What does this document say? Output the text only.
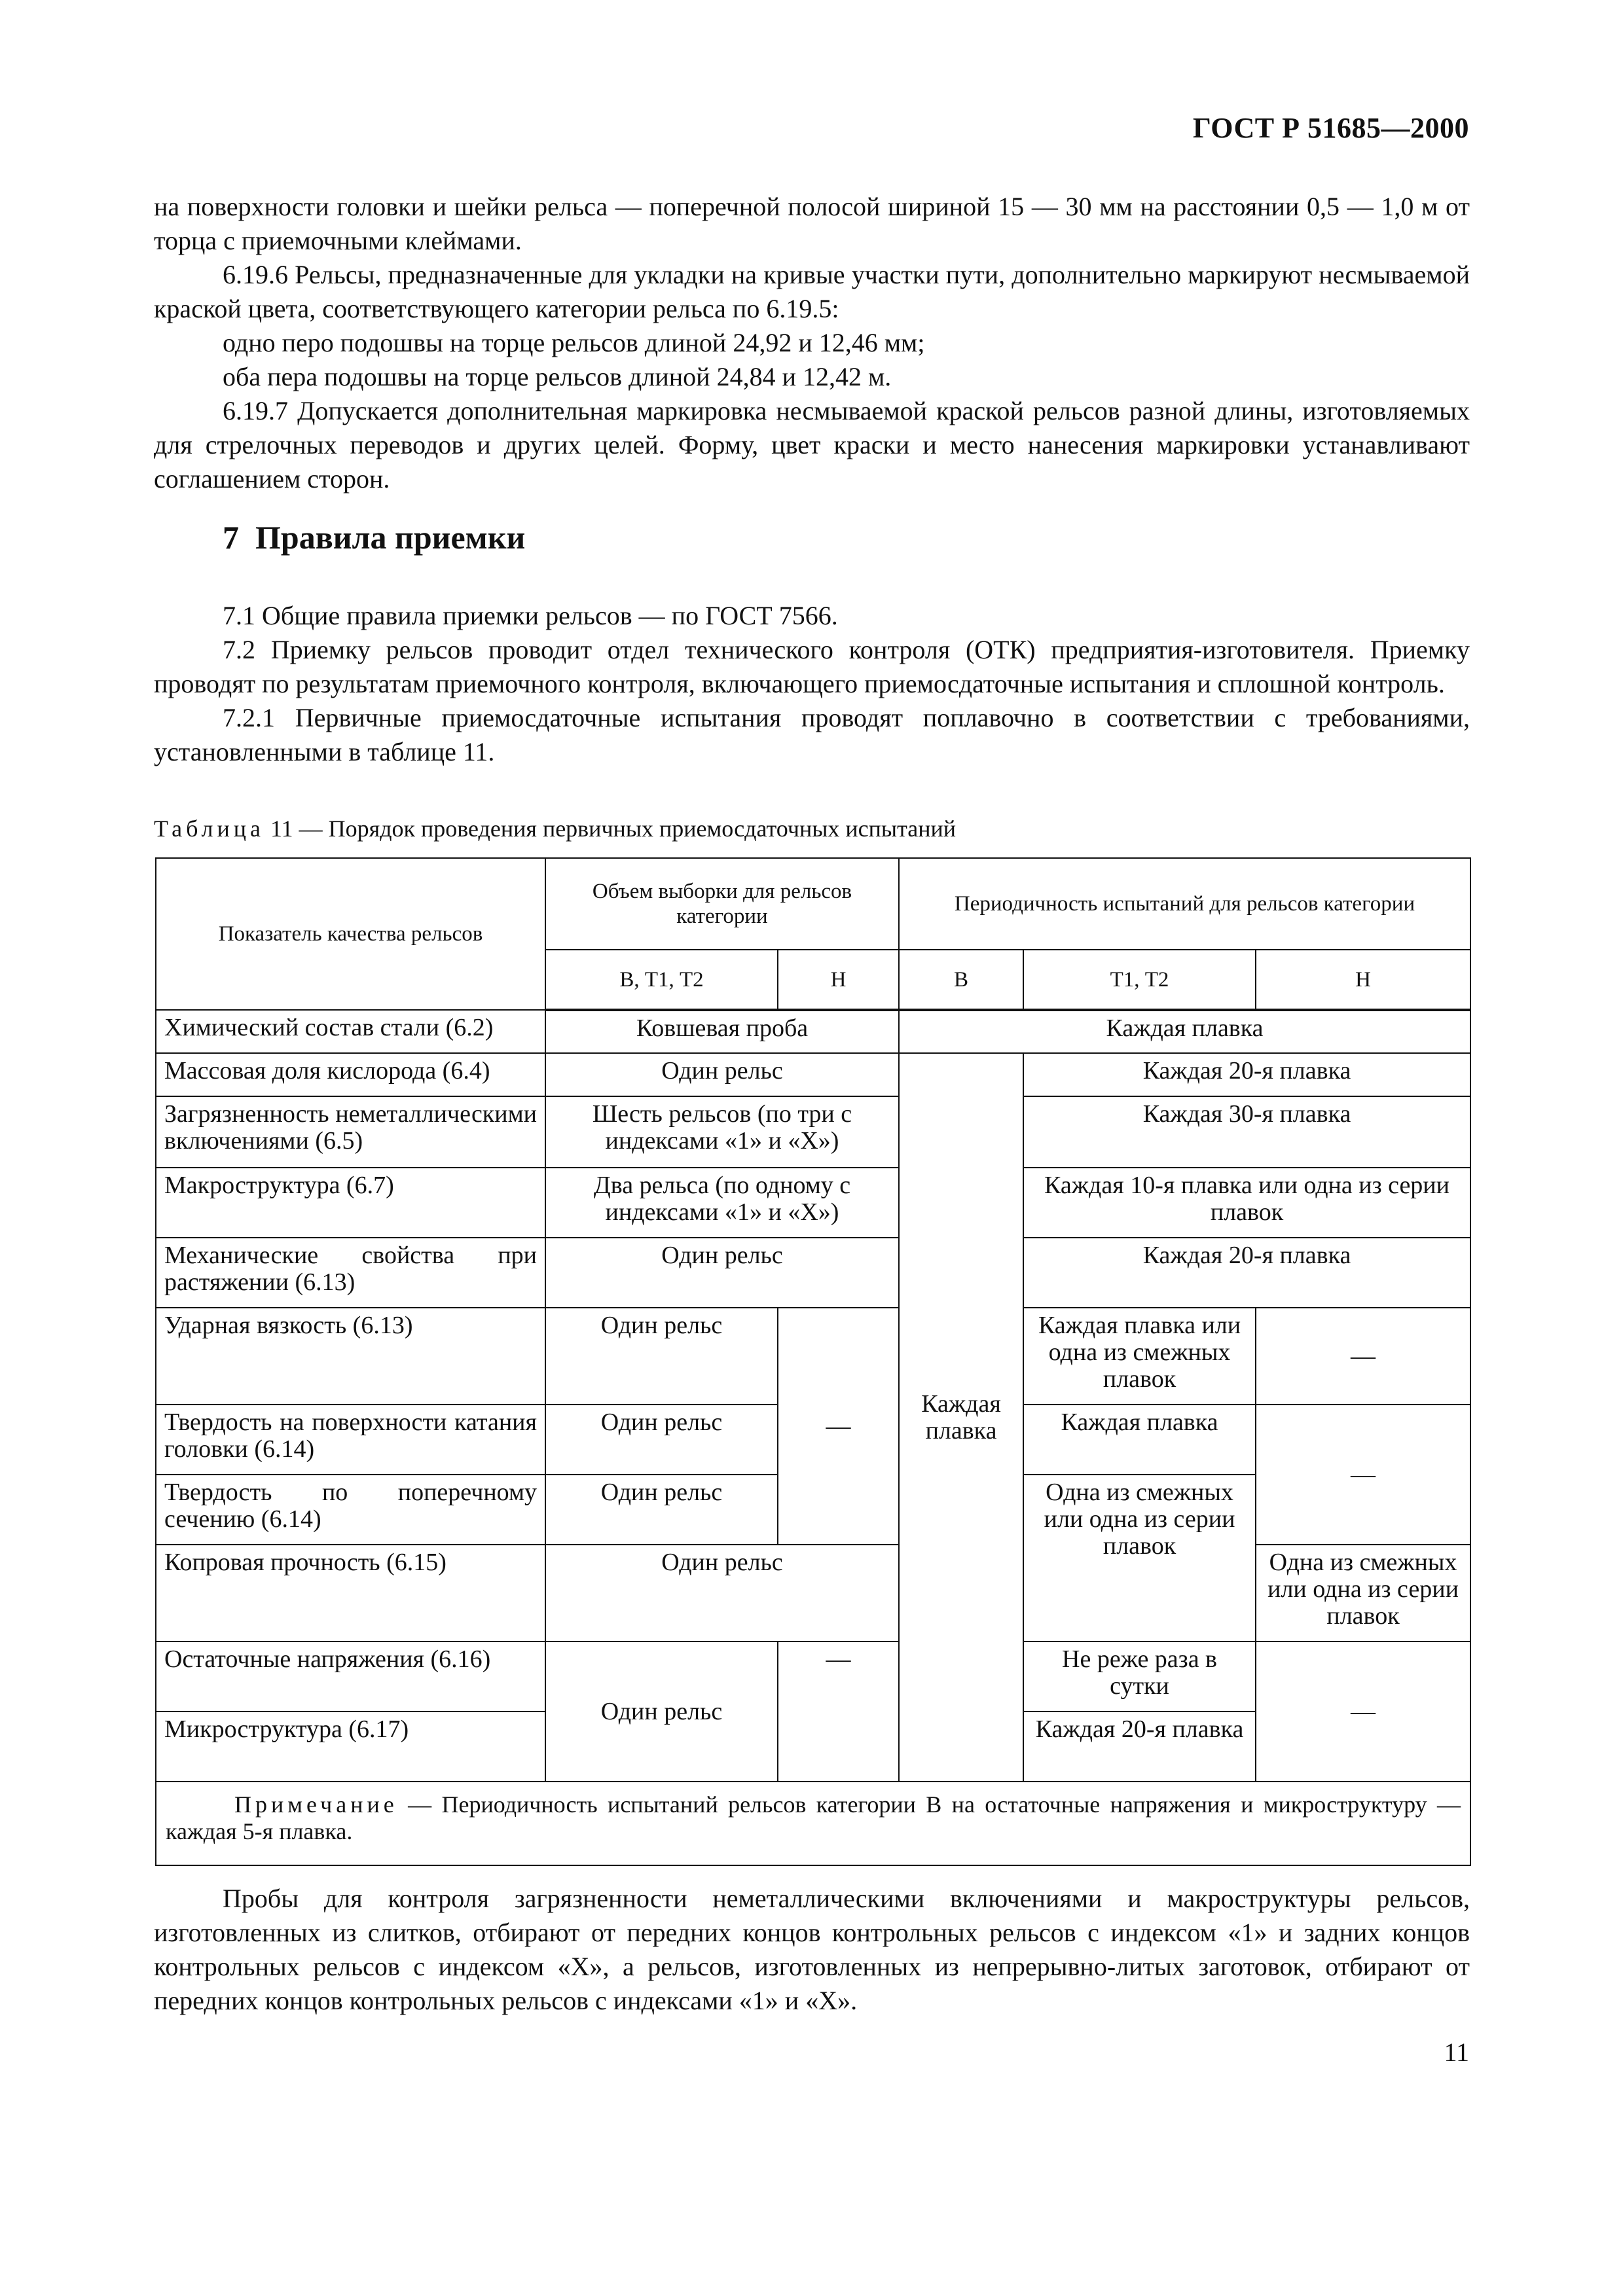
ГОСТ Р 51685—2000

на поверхности головки и шейки рельса — поперечной полосой шириной 15 — 30 мм на расстоянии 0,5 — 1,0 м от торца с приемочными клеймами.

6.19.6 Рельсы, предназначенные для укладки на кривые участки пути, дополнительно маркируют несмываемой краской цвета, соответствующего категории рельса по 6.19.5:

одно перо подошвы на торце рельсов длиной 24,92 и 12,46 мм;

оба пера подошвы на торце рельсов длиной 24,84 и 12,42 м.

6.19.7 Допускается дополнительная маркировка несмываемой краской рельсов разной длины, изготовляемых для стрелочных переводов и других целей. Форму, цвет краски и место нанесения маркировки устанавливают соглашением сторон.

7 Правила приемки

7.1 Общие правила приемки рельсов — по ГОСТ 7566.

7.2 Приемку рельсов проводит отдел технического контроля (ОТК) предприятия-изготовителя. Приемку проводят по результатам приемочного контроля, включающего приемосдаточные испытания и сплошной контроль.

7.2.1 Первичные приемосдаточные испытания проводят поплавочно в соответствии с требованиями, установленными в таблице 11.

Таблица 11 — Порядок проведения первичных приемосдаточных испытаний
Показатель качества рельсов	Объем выборки для рельсов категории		Периодичность испытаний для рельсов категории		
	В, Т1, Т2	Н	В	Т1, Т2	Н
Химический состав стали (6.2)	Ковшевая проба		Каждая плавка		
Массовая доля кислорода (6.4)	Один рельс		Каждая плавка	Каждая 20-я плавка	
Загрязненность неметаллическими включениями (6.5)	Шесть рельсов (по три с индексами «1» и «Х»)			Каждая 30-я плавка	
Макроструктура (6.7)	Два рельса (по одному с индексами «1» и «Х»)			Каждая 10-я плавка или одна из серии плавок	
Механические свойства при растяжении (6.13)	Один рельс			Каждая 20-я плавка	
Ударная вязкость (6.13)	Один рельс	—		Каждая плавка или одна из смежных плавок	—
Твердость на поверхности катания головки (6.14)	Один рельс			Каждая плавка	—
Твердость по поперечному сечению (6.14)	Один рельс			Одна из смежных или одна из серии плавок	
Копровая прочность (6.15)	Один рельс				Одна из смежных или одна из серии плавок
Остаточные напряжения (6.16)	Один рельс	—		Не реже раза в сутки	—
Микроструктура (6.17)				Каждая 20-я плавка	
Примечание — Периодичность испытаний рельсов категории В на остаточные напряжения и микроструктуру — каждая 5-я плавка.					

Пробы для контроля загрязненности неметаллическими включениями и макроструктуры рельсов, изготовленных из слитков, отбирают от передних концов контрольных рельсов с индексом «1» и задних концов контрольных рельсов с индексом «Х», а рельсов, изготовленных из непрерывно-литых заготовок, отбирают от передних концов контрольных рельсов с индексами «1» и «Х».

11
